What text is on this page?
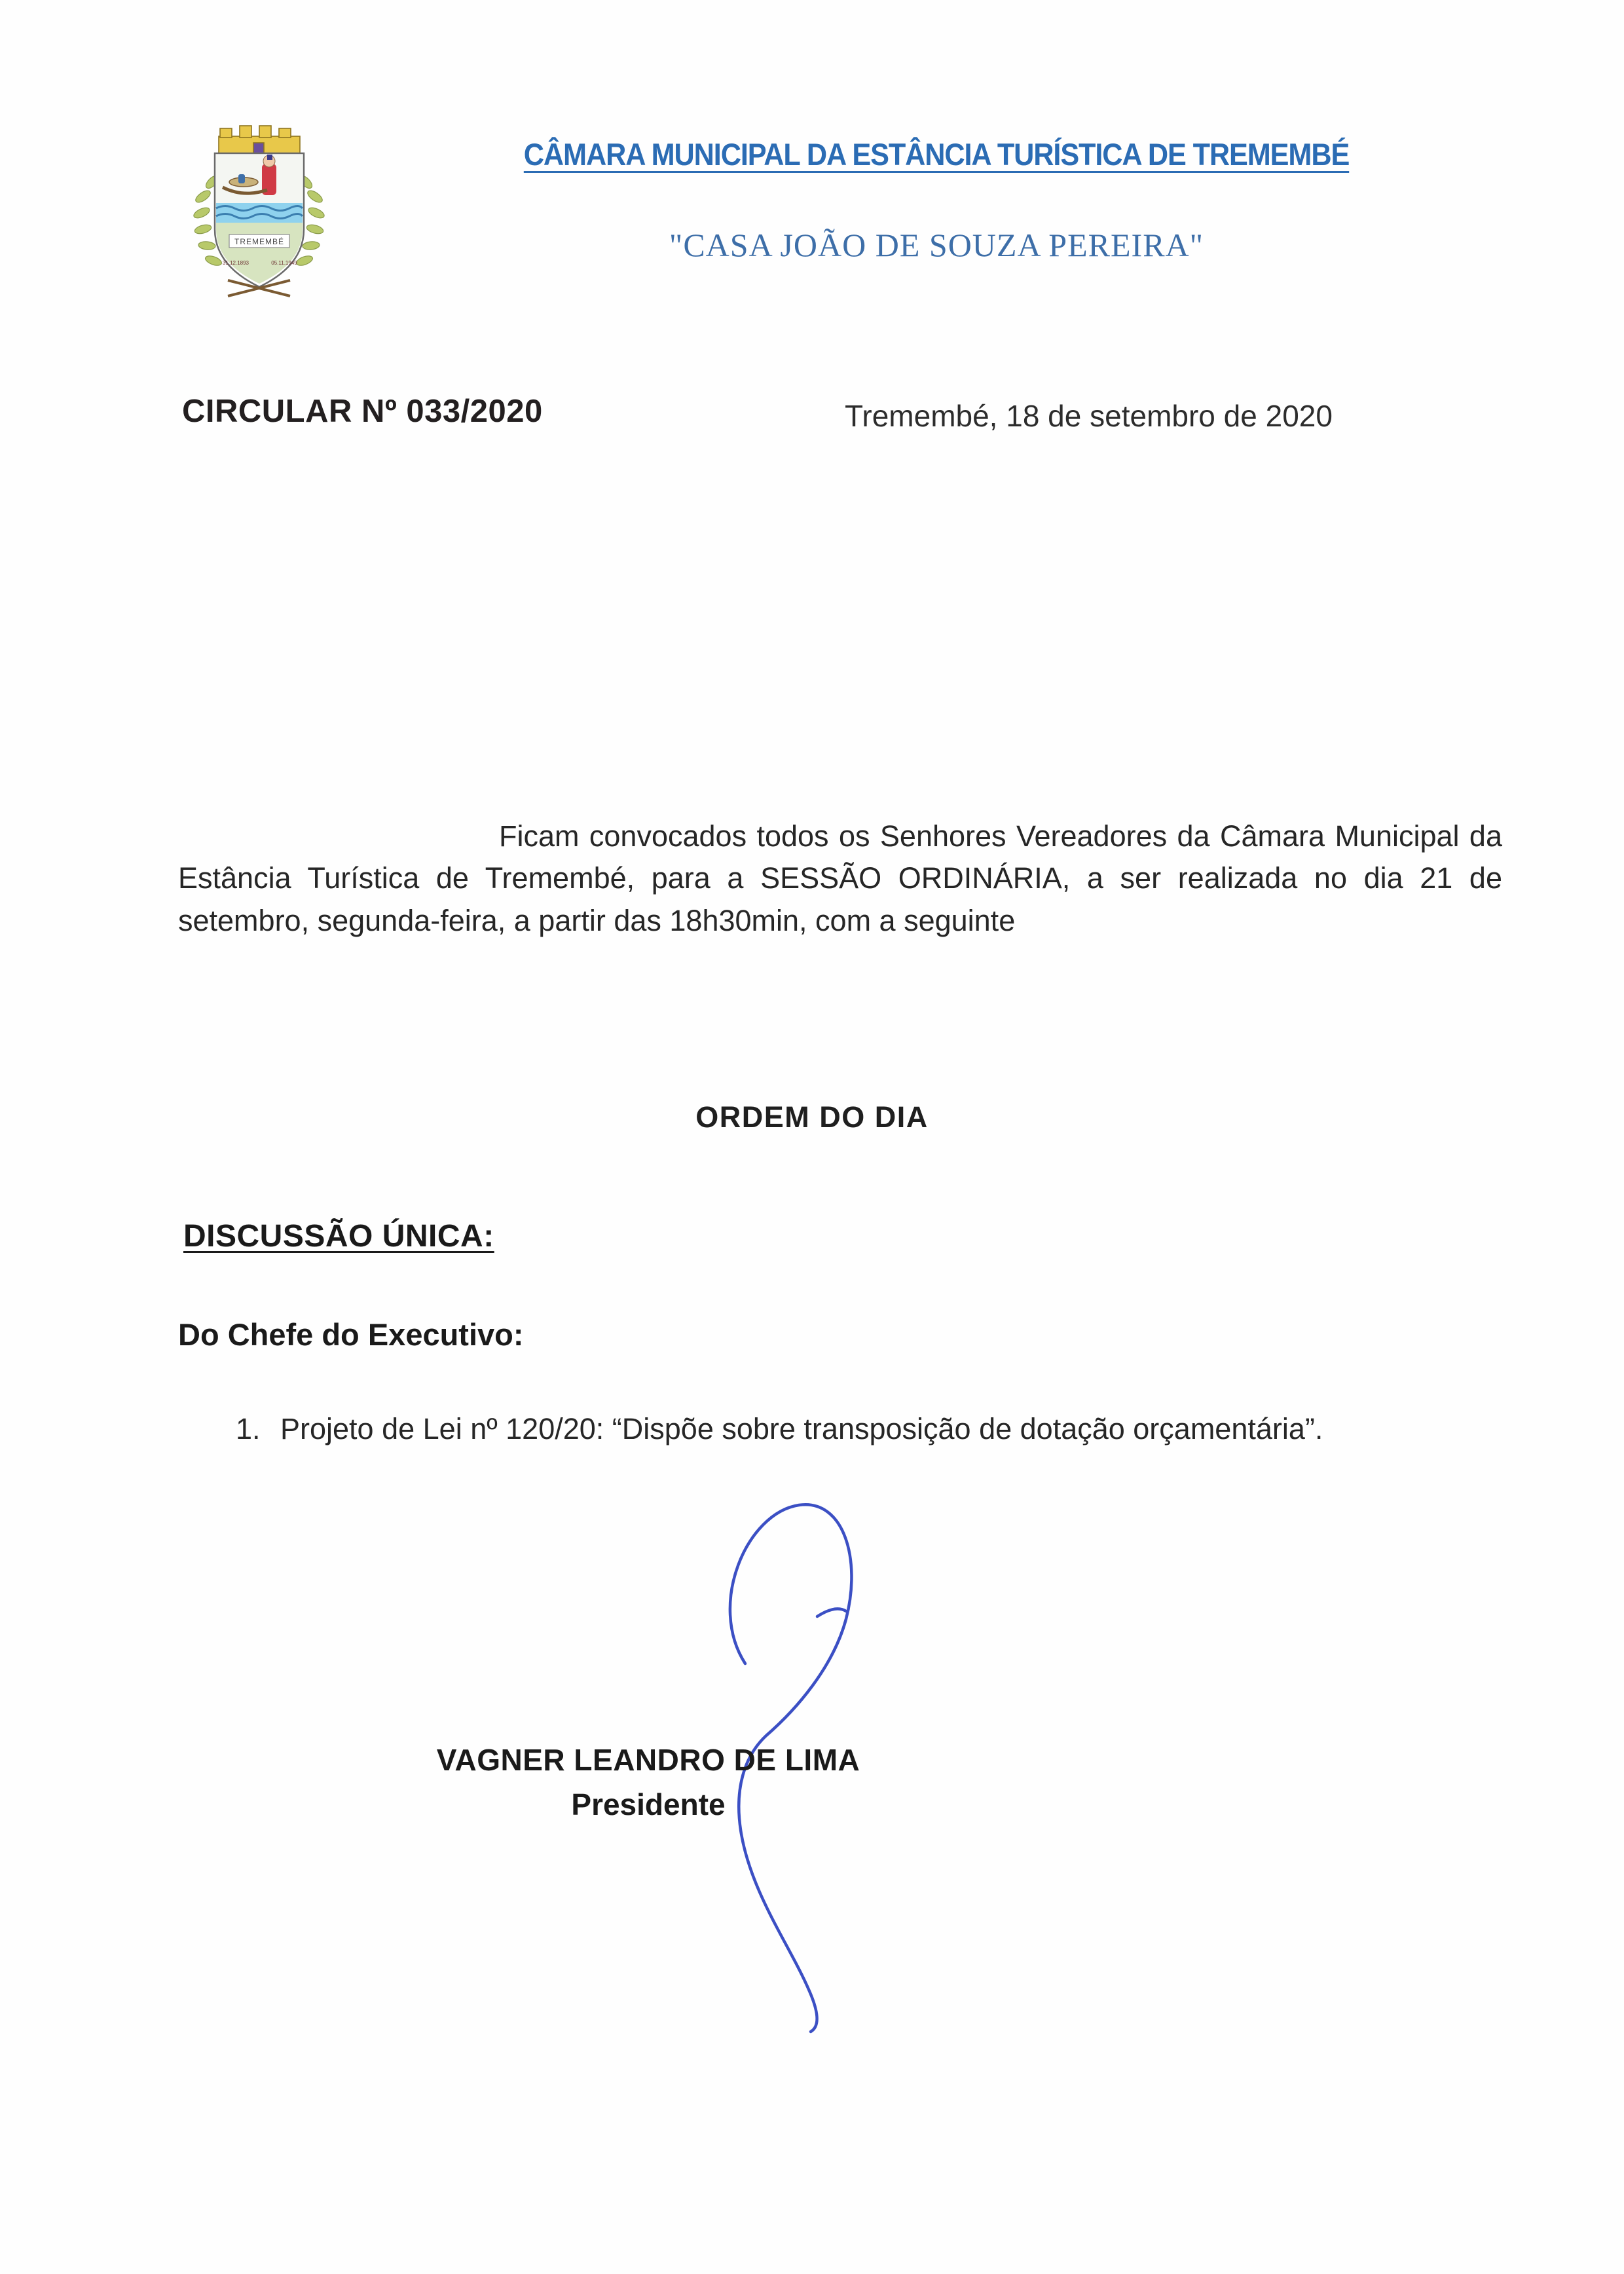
TREMEMBÉ
31.12.1893	05.11.1949
CÂMARA MUNICIPAL DA ESTÂNCIA TURÍSTICA DE TREMEMBÉ
"CASA JOÃO DE SOUZA PEREIRA"
CIRCULAR Nº 033/2020	Tremembé, 18 de setembro de 2020
Ficam convocados todos os Senhores Vereadores da Câmara Municipal da Estância Turística de Tremembé, para a SESSÃO ORDINÁRIA, a ser realizada no dia 21 de setembro, segunda-feira, a partir das 18h30min, com a seguinte
ORDEM DO DIA
DISCUSSÃO ÚNICA:
Do Chefe do Executivo:
1. Projeto de Lei nº 120/20: “Dispõe sobre transposição de dotação orçamentária”.
VAGNER LEANDRO DE LIMA
Presidente
